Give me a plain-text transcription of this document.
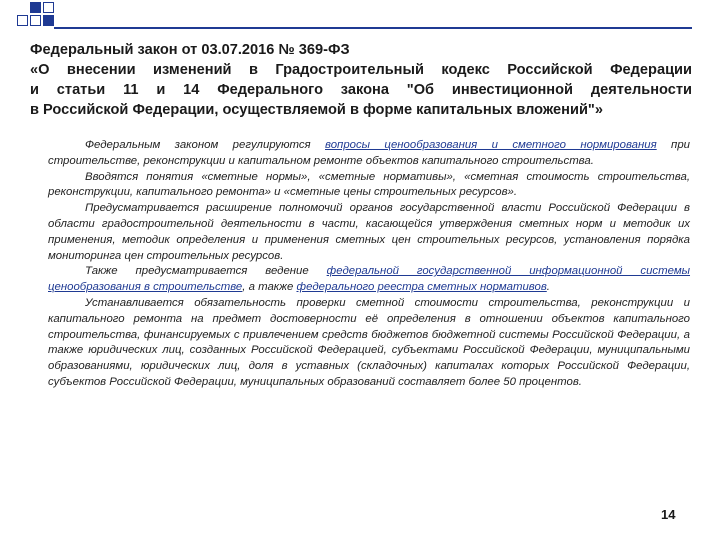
Федеральный закон от 03.07.2016 № 369-ФЗ
«О внесении изменений в Градостроительный кодекс Российской Федерации
и статьи 11 и 14 Федерального закона "Об инвестиционной деятельности
в Российской Федерации, осуществляемой в форме капитальных вложений"»

Федеральным законом регулируются вопросы ценообразования и сметного нормирования при строительстве, реконструкции и капитальном ремонте объектов капитального строительства.

Вводятся понятия «сметные нормы», «сметные нормативы», «сметная стоимость строительства, реконструкции, капитального ремонта» и «сметные цены строительных ресурсов».

Предусматривается расширение полномочий органов государственной власти Российской Федерации в области градостроительной деятельности в части, касающейся утверждения сметных норм и методик их применения, методик определения и применения сметных цен строительных ресурсов, установления порядка мониторинга цен строительных ресурсов.

Также предусматривается ведение федеральной государственной информационной системы ценообразования в строительстве, а также федерального реестра сметных нормативов.

Устанавливается обязательность проверки сметной стоимости строительства, реконструкции и капитального ремонта на предмет достоверности её определения в отношении объектов капитального строительства, финансируемых с привлечением средств бюджетов бюджетной системы Российской Федерации, а также юридических лиц, созданных Российской Федерацией, субъектами Российской Федерации, муниципальными образованиями, юридических лиц, доля в уставных (складочных) капиталах которых Российской Федерации, субъектов Российской Федерации, муниципальных образований составляет более 50 процентов.

14
